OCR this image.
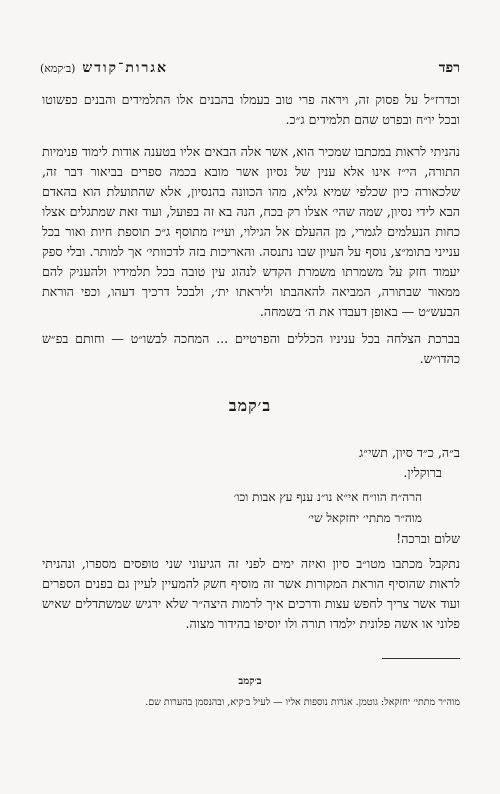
רפד
אגרות־קודש (ב׳קמא)

וכדרז״ל על פסוק זה, ויראה פרי טוב בעמלו בהבנים אלו התלמידים והבנים כפשוטו ובכל יו״ח ובפרט שהם תלמידים ג״כ.

נהניתי לראות במכתבו שמכיר הוא, אשר אלה הבאים אליו בטענה אודות לימוד פנימיות התורה, הי״ז אינו אלא ענין של נסיון אשר מובא בכמה ספרים בביאור דבר זה, שלכאורה כיון שכלפי שמיא גליא, מהו הכוונה בהנסיון, אלא שהתועלת הוא בהאדם הבא לידי נסיון, שמה שהי׳ אצלו רק בכח, הנה בא זה בפועל, ועוד זאת שמתגלים אצלו כחות הנעלמים לגמרי, מן ההעלם אל הגילוי, ועי״ז מתוסף ג״כ תוספת חיות ואור בכל ענייני בתומ״צ, נוסף על העיון שבו נתנסה. והאריכות בזה לדכוותי׳ אך למותר. ובלי ספק יעמוד חזק על משמרתו משמרת הקדש לנהוג עין טובה בכל תלמידיו ולהעניק להם ממאור שבתורה, המביאה להאהבתו וליראתו ית׳, ולבכל דרכיך דעהו, וכפי הוראת הבעש״ט — באופן דעבדו את ה׳ בשמחה.

בברכת הצלחה בכל עניניו הכללים והפרטיים ... המחכה לבשו״ט — וחותם בפ״ש כהדו״ש.

ב׳קמב
ב״ה, כ״ד סיון, תשי״ג
ברוקלין.
הרה״ח הוו״ח אי״א נו״נ ענף עץ אבות וכו׳
מוה״ר מתתי׳ יחזקאל שי׳
שלום וברכה!

נתקבל מכתבו מטו״ב סיון ואיזה ימים לפני זה הגיעוני שני טופסים מספרו, ונהניתי לראות שהוסיף הוראת המקורות אשר זה מוסיף חשק להמעיין לעיין גם בפנים הספרים ועוד אשר צריך לחפש עצות ודרכים איך לרמות היצה״ר שלא ירגיש שמשתדלים שאיש פלוני או אשה פלונית ילמדו תורה ולו יוסיפו בהידור מצוה.

ב׳קמב
מוה״ר מתתי׳ יחזקאל: גוטמן. אגרות נוספות אליו — לעיל ב׳קיא, ובהנסמן בהערות שם.
